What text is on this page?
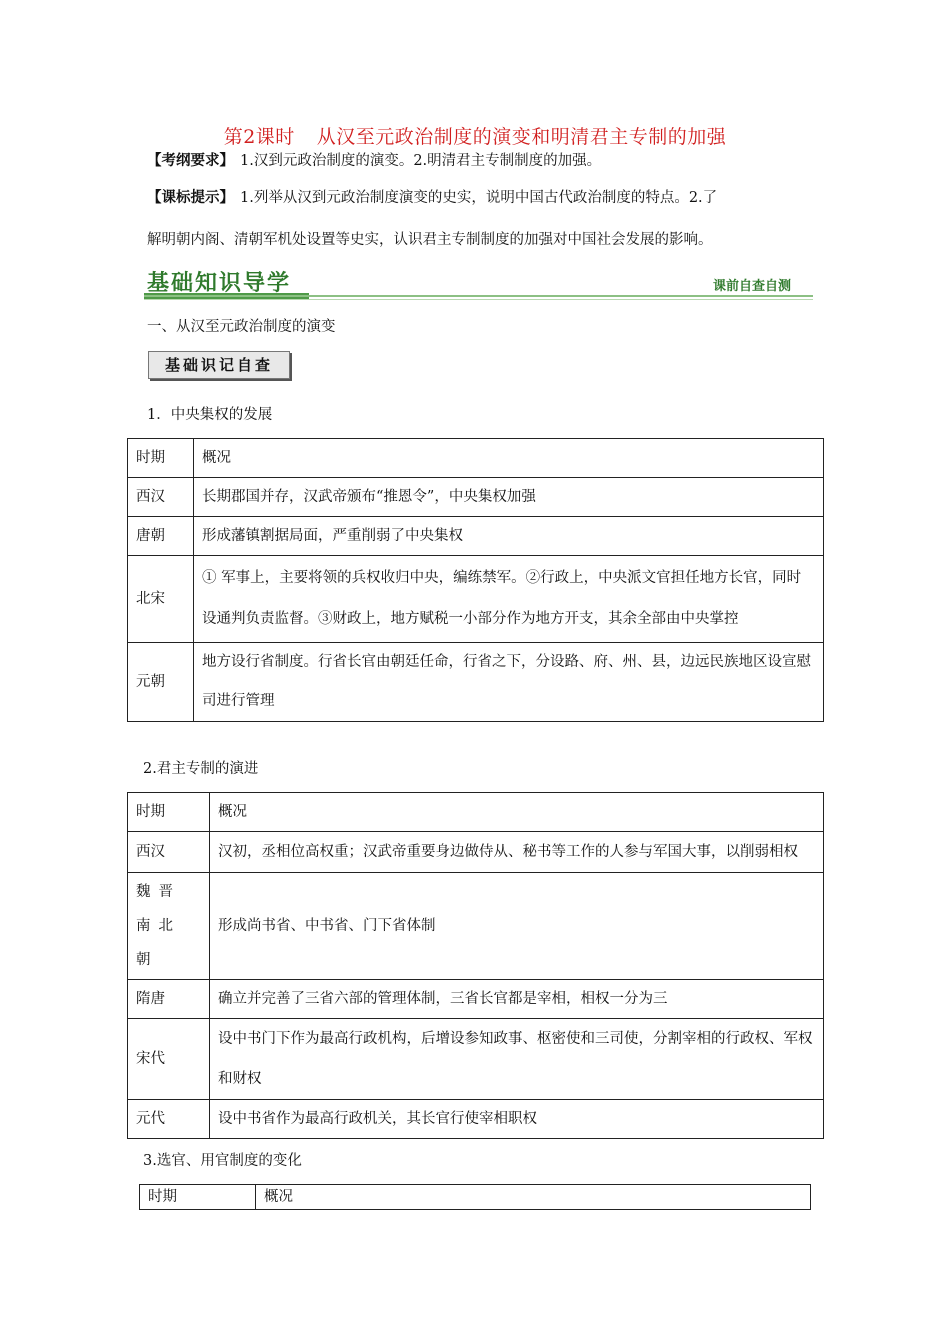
第2课时 从汉至元政治制度的演变和明清君主专制的加强
【考纲要求】 1.汉到元政治制度的演变。2.明清君主专制制度的加强。
【课标提示】 1.列举从汉到元政治制度演变的史实，说明中国古代政治制度的特点。2.了
解明朝内阁、清朝军机处设置等史实，认识君主专制制度的加强对中国社会发展的影响。
基础知识导学	课前自查自测
一、从汉至元政治制度的演变
基础识记自查
1．中央集权的发展
时期	概况
西汉	长期郡国并存，汉武帝颁布“推恩令”，中央集权加强
唐朝	形成藩镇割据局面，严重削弱了中央集权
北宋	① 军事上，主要将领的兵权收归中央，编练禁军。②行政上，中央派文官担任地方长官，同时设通判负责监督。③财政上，地方赋税一小部分作为地方开支，其余全部由中央掌控
元朝	地方设行省制度。行省长官由朝廷任命，行省之下，分设路、府、州、县，边远民族地区设宣慰司进行管理
2.君主专制的演进
时期	概况
西汉	汉初，丞相位高权重；汉武帝重要身边做侍从、秘书等工作的人参与军国大事，以削弱相权
魏晋南北朝	形成尚书省、中书省、门下省体制
隋唐	确立并完善了三省六部的管理体制，三省长官都是宰相，相权一分为三
宋代	设中书门下作为最高行政机构，后增设参知政事、枢密使和三司使，分割宰相的行政权、军权和财权
元代	设中书省作为最高行政机关，其长官行使宰相职权
3.选官、用官制度的变化
时期	概况
